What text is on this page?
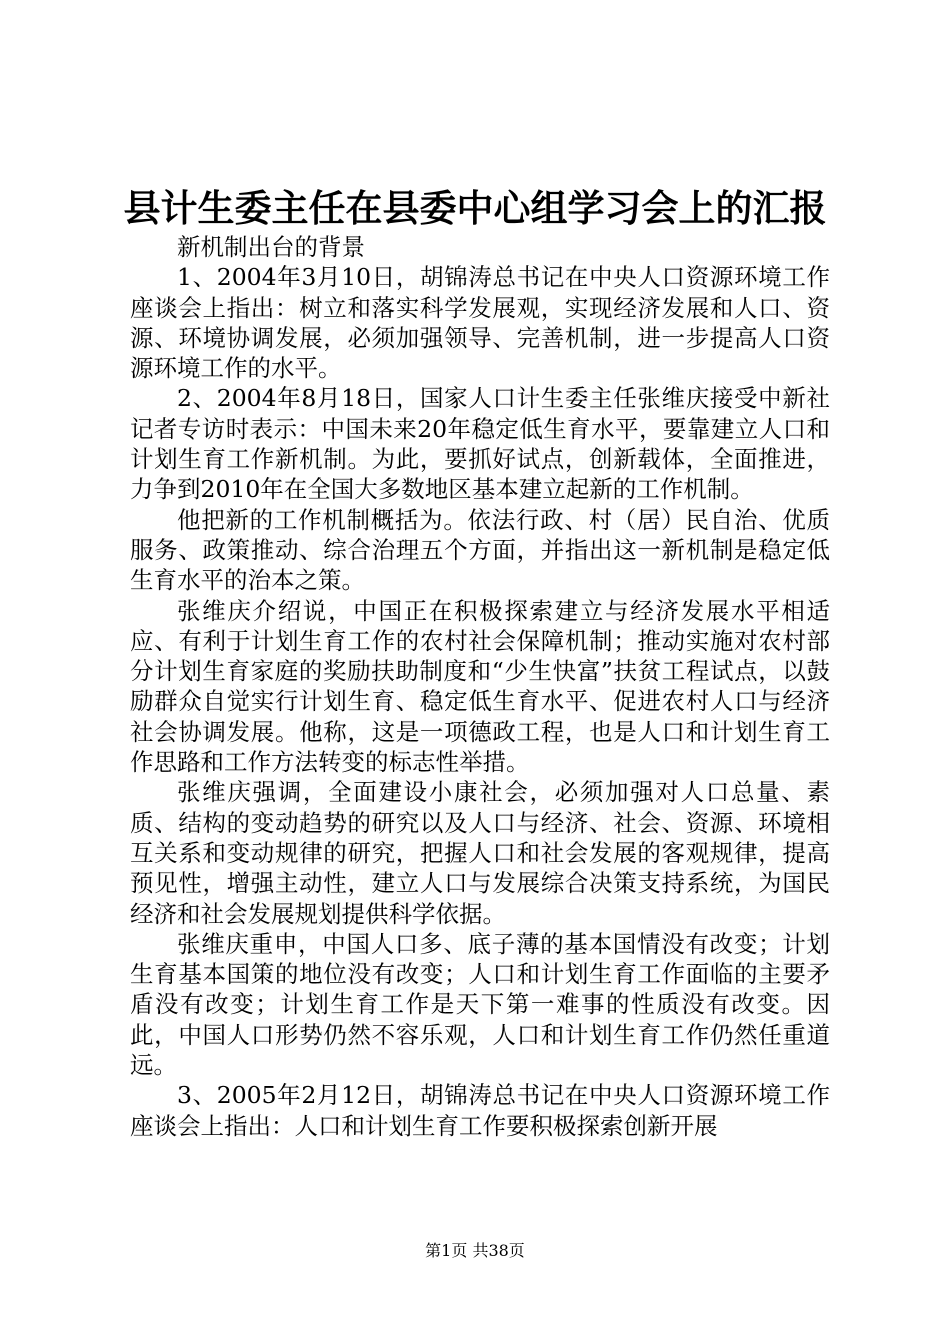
县计生委主任在县委中心组学习会上的汇报

新机制出台的背景

1、2004年3月10日，胡锦涛总书记在中央人口资源环境工作座谈会上指出：树立和落实科学发展观，实现经济发展和人口、资源、环境协调发展，必须加强领导、完善机制，进一步提高人口资源环境工作的水平。

2、2004年8月18日，国家人口计生委主任张维庆接受中新社记者专访时表示：中国未来20年稳定低生育水平，要靠建立人口和计划生育工作新机制。为此，要抓好试点，创新载体，全面推进，力争到2010年在全国大多数地区基本建立起新的工作机制。

他把新的工作机制概括为。依法行政、村（居）民自治、优质服务、政策推动、综合治理五个方面，并指出这一新机制是稳定低生育水平的治本之策。

张维庆介绍说，中国正在积极探索建立与经济发展水平相适应、有利于计划生育工作的农村社会保障机制；推动实施对农村部分计划生育家庭的奖励扶助制度和“少生快富”扶贫工程试点，以鼓励群众自觉实行计划生育、稳定低生育水平、促进农村人口与经济社会协调发展。他称，这是一项德政工程，也是人口和计划生育工作思路和工作方法转变的标志性举措。

张维庆强调，全面建设小康社会，必须加强对人口总量、素质、结构的变动趋势的研究以及人口与经济、社会、资源、环境相互关系和变动规律的研究，把握人口和社会发展的客观规律，提高预见性，增强主动性，建立人口与发展综合决策支持系统，为国民经济和社会发展规划提供科学依据。

张维庆重申，中国人口多、底子薄的基本国情没有改变；计划生育基本国策的地位没有改变；人口和计划生育工作面临的主要矛盾没有改变；计划生育工作是天下第一难事的性质没有改变。因此，中国人口形势仍然不容乐观，人口和计划生育工作仍然任重道远。

3、2005年2月12日，胡锦涛总书记在中央人口资源环境工作座谈会上指出：人口和计划生育工作要积极探索创新开展

第1页 共38页
